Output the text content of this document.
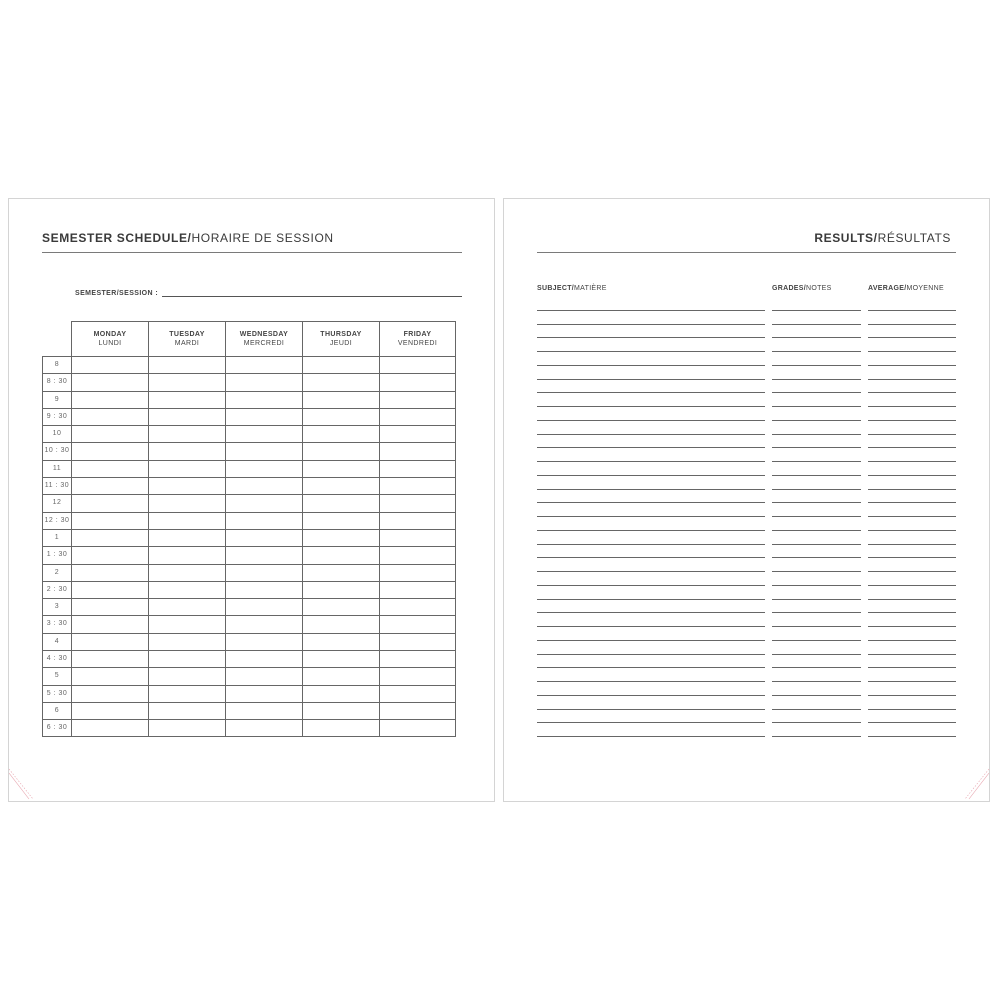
SEMESTER SCHEDULE/HORAIRE DE SESSION
SEMESTER/SESSION :
MONDAY
LUNDI
TUESDAY
MARDI
WEDNESDAY
MERCREDI
THURSDAY
JEUDI
FRIDAY
VENDREDI
8
8 : 30
9
9 : 30
10
10 : 30
11
11 : 30
12
12 : 30
1
1 : 30
2
2 : 30
3
3 : 30
4
4 : 30
5
5 : 30
6
6 : 30
RESULTS/RÉSULTATS
SUBJECT/ MATIÈRE	GRADES/ NOTES	AVERAGE/ MOYENNE
